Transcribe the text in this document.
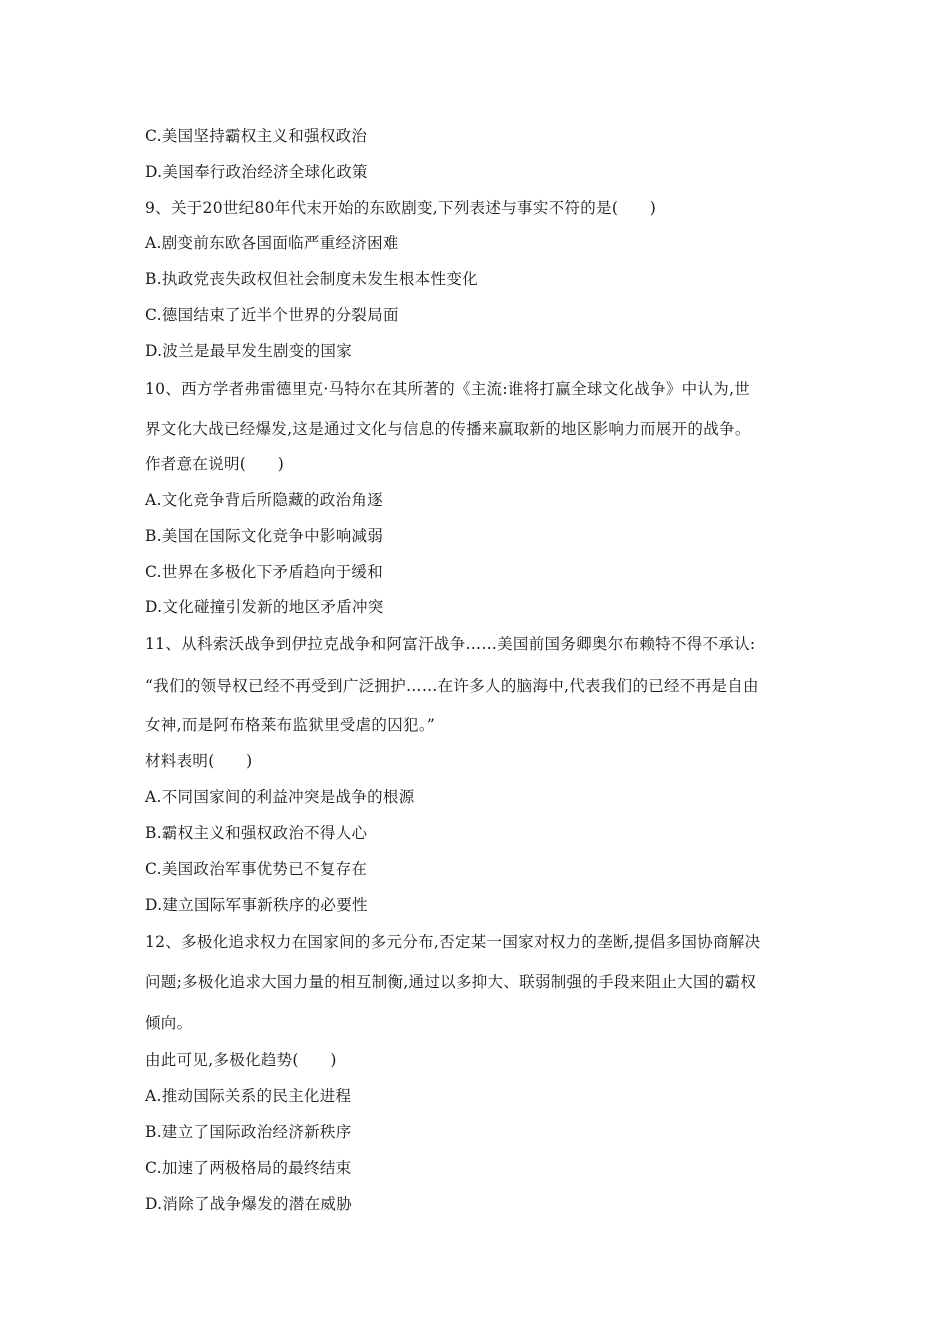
C.美国坚持霸权主义和强权政治
D.美国奉行政治经济全球化政策
9、关于20世纪80年代末开始的东欧剧变,下列表述与事实不符的是(　　)
A.剧变前东欧各国面临严重经济困难
B.执政党丧失政权但社会制度未发生根本性变化
C.德国结束了近半个世界的分裂局面
D.波兰是最早发生剧变的国家
10、西方学者弗雷德里克·马特尔在其所著的《主流:谁将打赢全球文化战争》中认为,世
界文化大战已经爆发,这是通过文化与信息的传播来赢取新的地区影响力而展开的战争。
作者意在说明(　　)
A.文化竞争背后所隐藏的政治角逐
B.美国在国际文化竞争中影响减弱
C.世界在多极化下矛盾趋向于缓和
D.文化碰撞引发新的地区矛盾冲突
11、从科索沃战争到伊拉克战争和阿富汗战争……美国前国务卿奥尔布赖特不得不承认:
“我们的领导权已经不再受到广泛拥护……在许多人的脑海中,代表我们的已经不再是自由
女神,而是阿布格莱布监狱里受虐的囚犯。”
材料表明(　　)
A.不同国家间的利益冲突是战争的根源
B.霸权主义和强权政治不得人心
C.美国政治军事优势已不复存在
D.建立国际军事新秩序的必要性
12、多极化追求权力在国家间的多元分布,否定某一国家对权力的垄断,提倡多国协商解决
问题;多极化追求大国力量的相互制衡,通过以多抑大、联弱制强的手段来阻止大国的霸权
倾向。
由此可见,多极化趋势(　　)
A.推动国际关系的民主化进程
B.建立了国际政治经济新秩序
C.加速了两极格局的最终结束
D.消除了战争爆发的潜在威胁
